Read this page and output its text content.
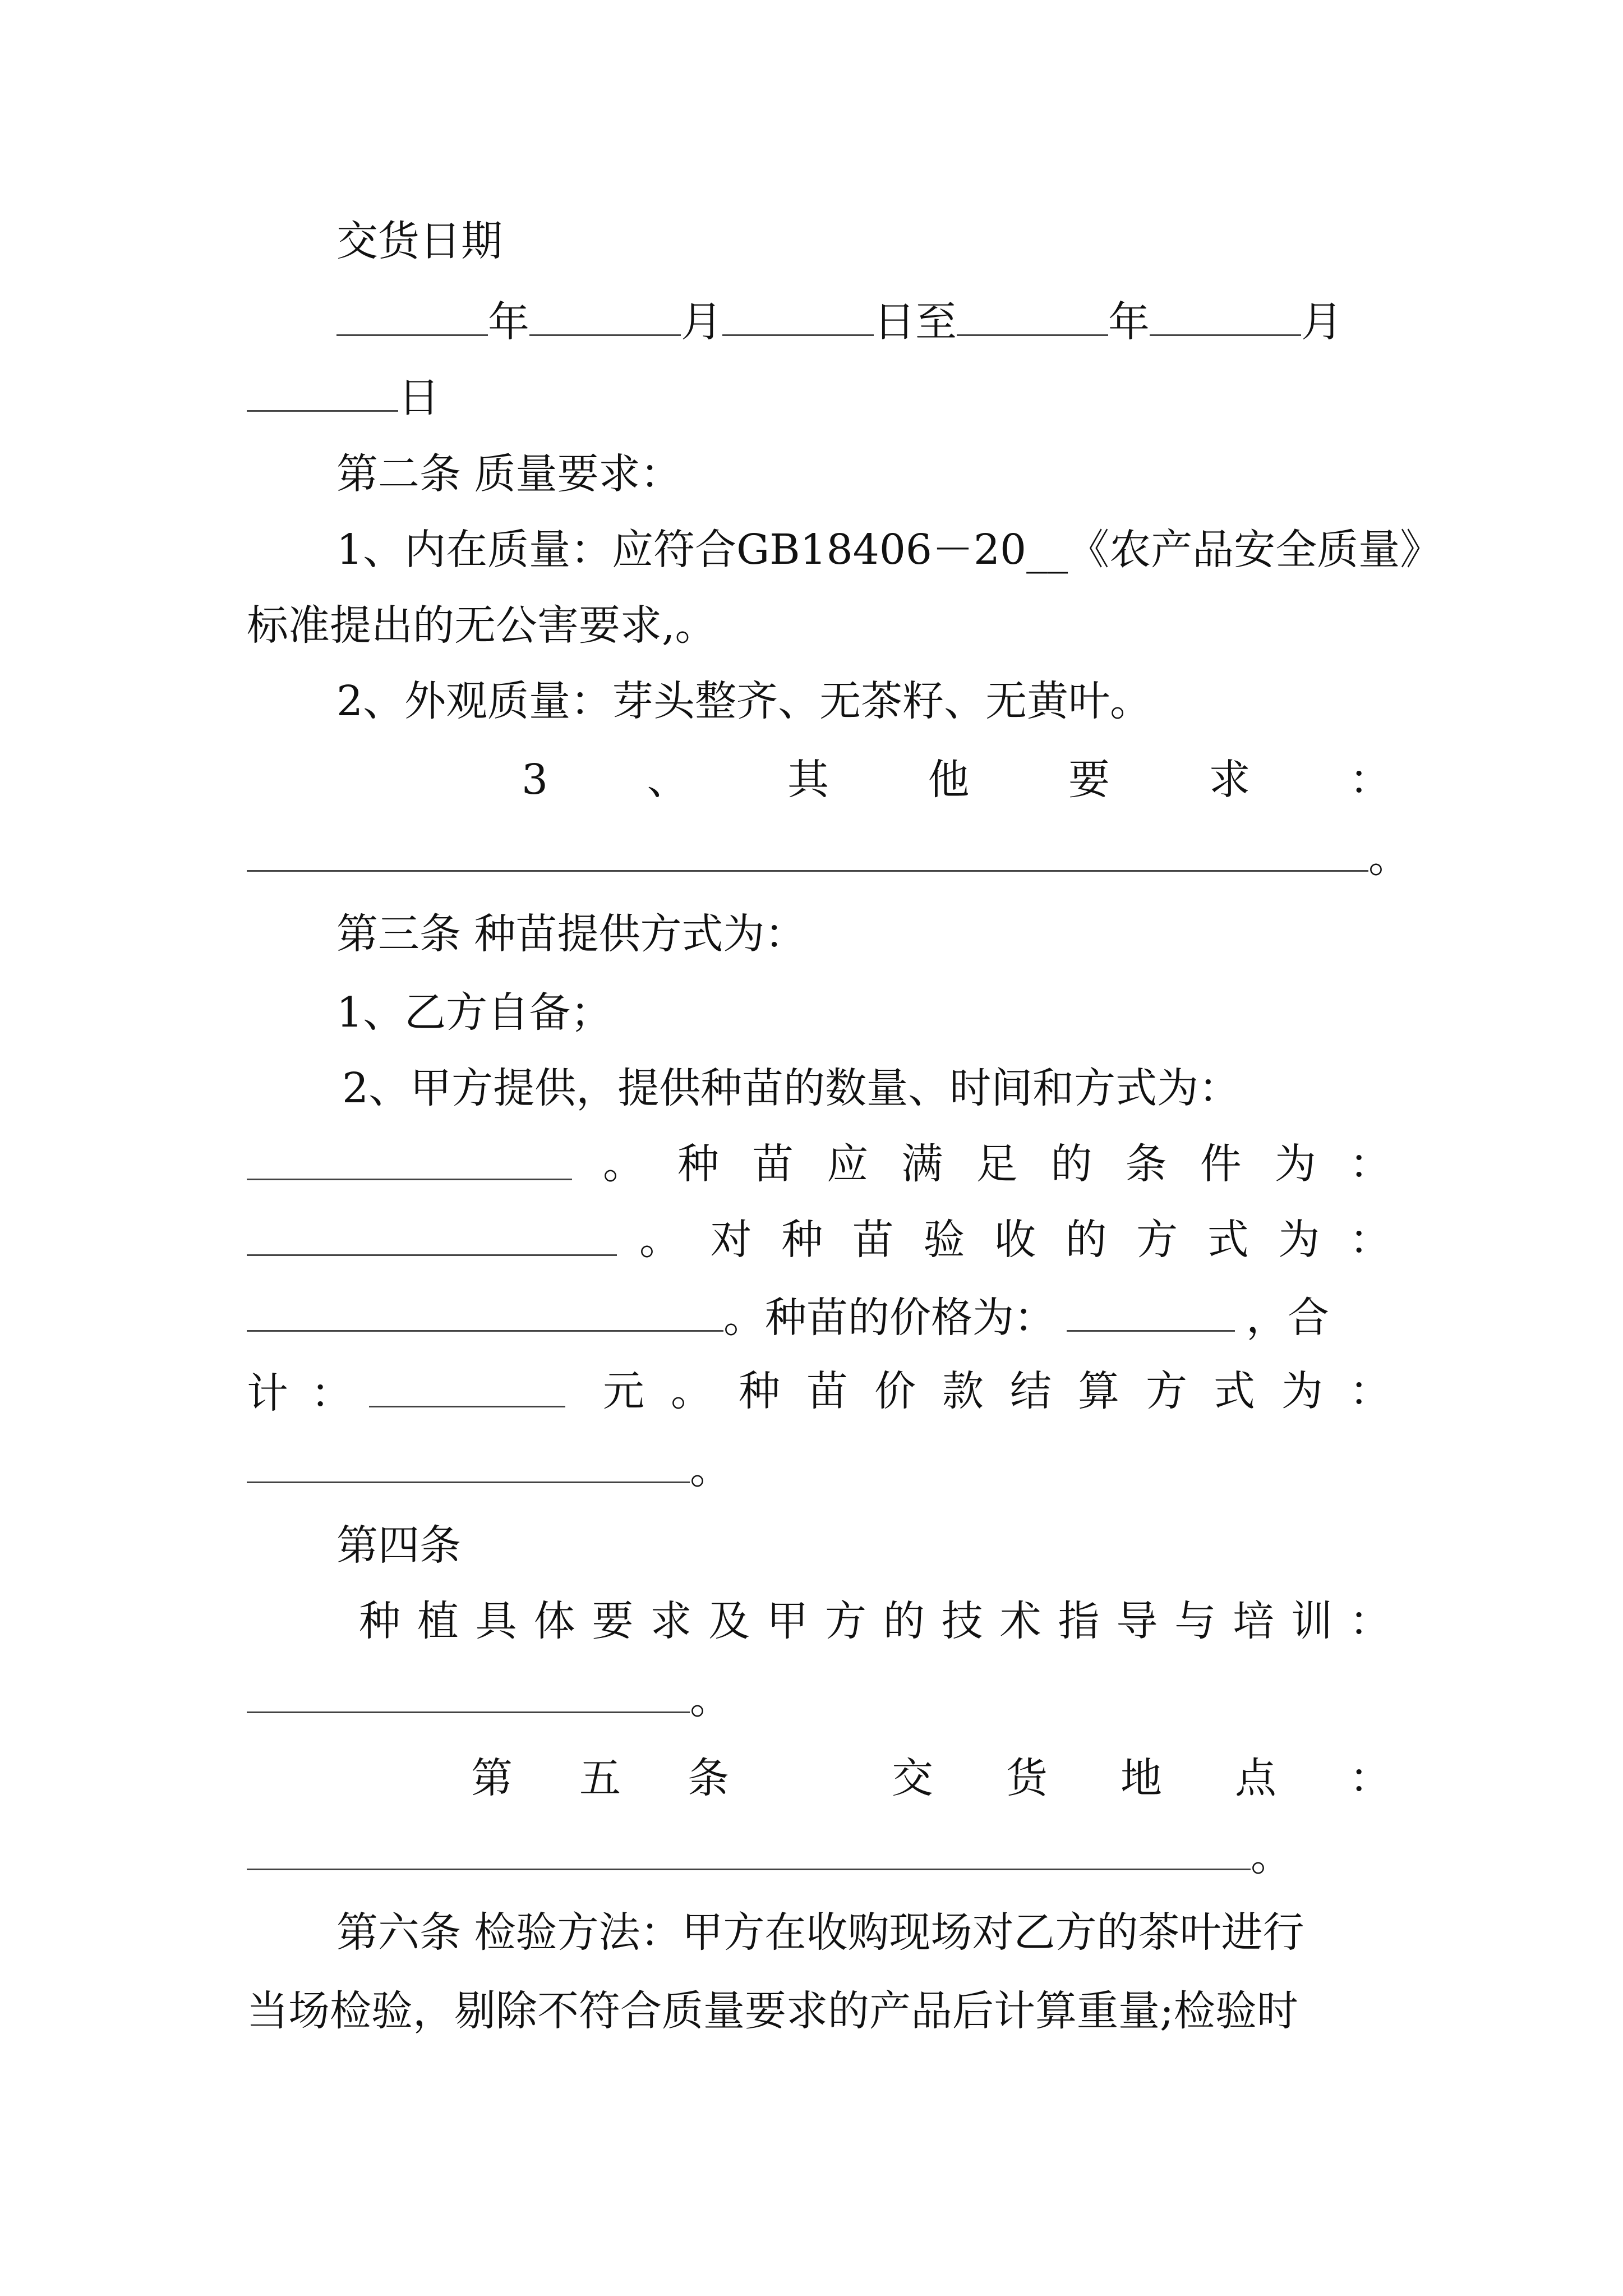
交货日期
年	月	日至	年	月
日
第二条 质量要求：
1、内在质量：应符合GB18406－20__《农产品安全质量》
标准提出的无公害要求,。
2、外观质量：芽头整齐、无茶籽、无黄叶。
3 、 其 他 要 求 ：
。
第三条 种苗提供方式为：
1、乙方自备；
2、甲方提供，提供种苗的数量、时间和方式为：
。 种 苗 应 满 足 的 条 件 为 ：
。 对 种 苗 验 收 的 方 式 为 ：
。种苗的价格为：	，合
计 ：	元 。 种 苗 价 款 结 算 方 式 为 ：
。
第四条
种 植 具 体 要 求 及 甲 方 的 技 术 指 导 与 培 训 ：
。
第 五 条	交 货 地 点 ：
。
第六条 检验方法：甲方在收购现场对乙方的茶叶进行
当场检验，剔除不符合质量要求的产品后计算重量;检验时
